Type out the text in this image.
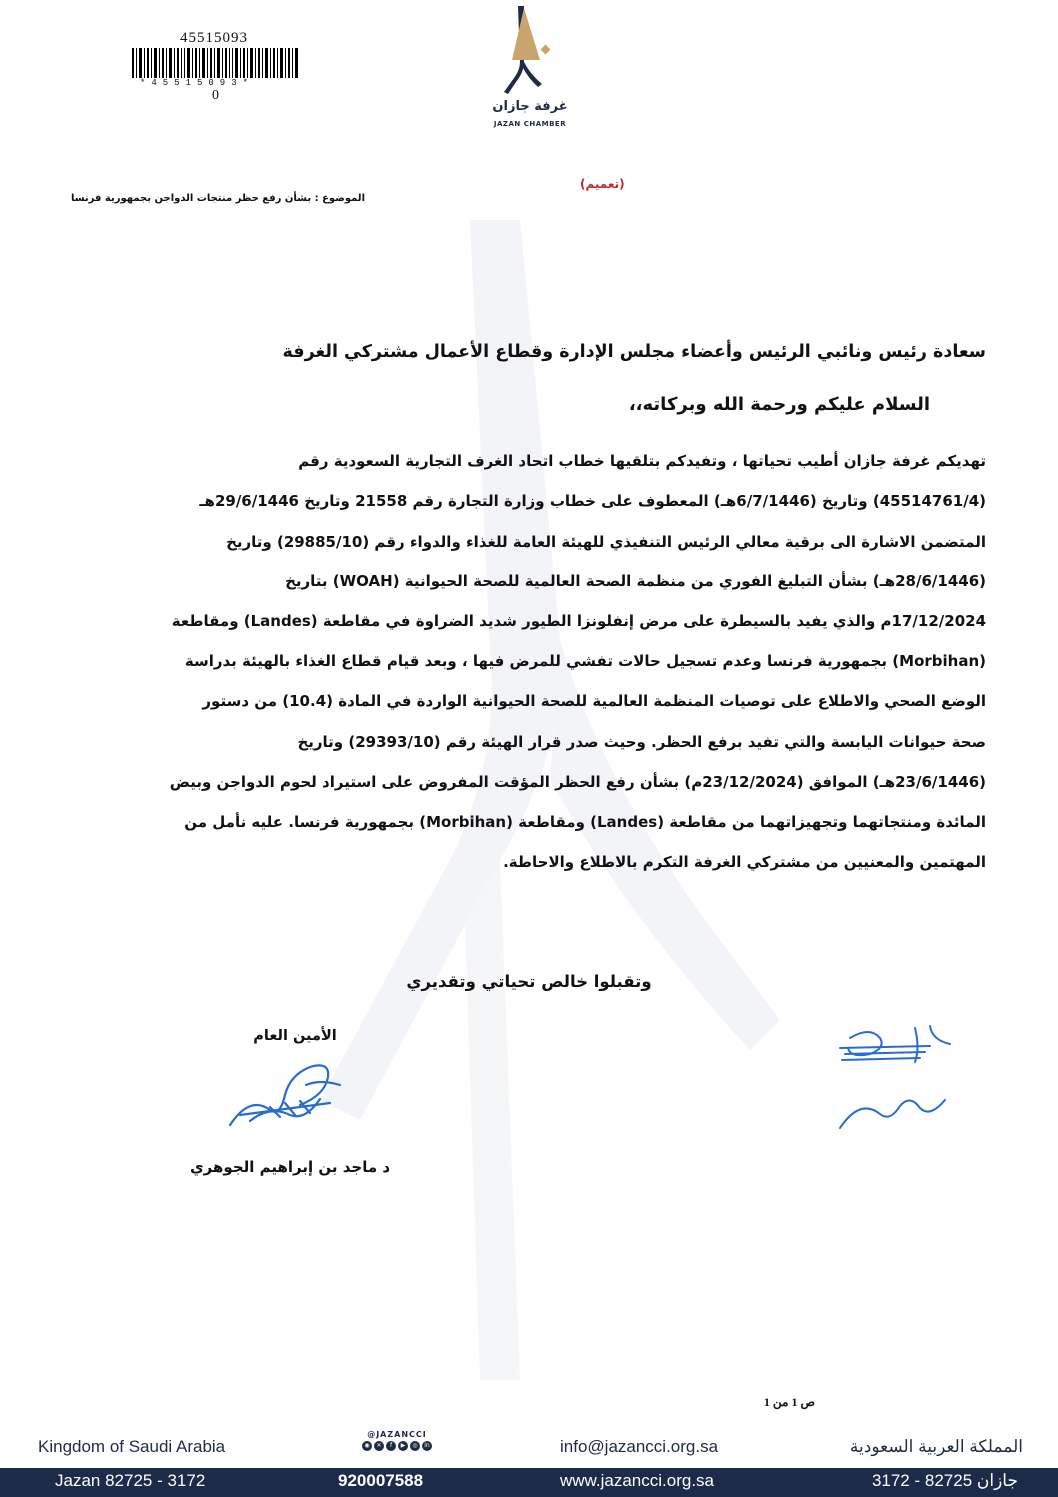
45515093
*45515093*
0
غرفة جازان
JAZAN CHAMBER
(تعميم)
الموضوع : بشأن رفع حظر منتجات الدواجن بجمهورية فرنسا
سعادة رئيس ونائبي الرئيس وأعضاء مجلس الإدارة وقطاع الأعمال مشتركي الغرفة
السلام عليكم ورحمة الله وبركاته،،
تهديكم غرفة جازان أطيب تحياتها ، وتفيدكم بتلقيها خطاب اتحاد الغرف التجارية السعودية رقم
(45514761/4) وتاريخ (6/7/1446هـ) المعطوف على خطاب وزارة التجارة رقم 21558 وتاريخ 29/6/1446هـ
المتضمن الاشارة الى برقية معالي الرئيس التنفيذي للهيئة العامة للغذاء والدواء رقم (29885/10) وتاريخ
(28/6/1446هـ) بشأن التبليغ الفوري من منظمة الصحة العالمية للصحة الحيوانية (WOAH) بتاريخ
17/12/2024م والذي يفيد بالسيطرة على مرض إنفلونزا الطيور شديد الضراوة في مقاطعة (Landes) ومقاطعة
(Morbihan) بجمهورية فرنسا وعدم تسجيل حالات تفشي للمرض فيها ، وبعد قيام قطاع الغذاء بالهيئة بدراسة
الوضع الصحي والاطلاع على توصيات المنظمة العالمية للصحة الحيوانية الواردة في المادة (10.4) من دستور
صحة حيوانات اليابسة والتي تفيد برفع الحظر. وحيث صدر قرار الهيئة رقم (29393/10) وتاريخ
(23/6/1446هـ) الموافق (23/12/2024م) بشأن رفع الحظر المؤقت المفروض على استيراد لحوم الدواجن وبيض
المائدة ومنتجاتهما وتجهيزاتهما من مقاطعة (Landes) ومقاطعة (Morbihan) بجمهورية فرنسا. عليه نأمل من
المهتمين والمعنيين من مشتركي الغرفة التكرم بالاطلاع والاحاطة.
وتقبلوا خالص تحياتي وتقديري
الأمين العام
د ماجد بن إبراهيم الجوهري
ص 1 من 1
Kingdom of Saudi Arabia
@JAZANCCI
◉	✕	f	▶	◎	in	info@jazancci.org.sa	المملكة العربية السعودية
Jazan 82725 - 3172	920007588	www.jazancci.org.sa	جازان 82725 - 3172
